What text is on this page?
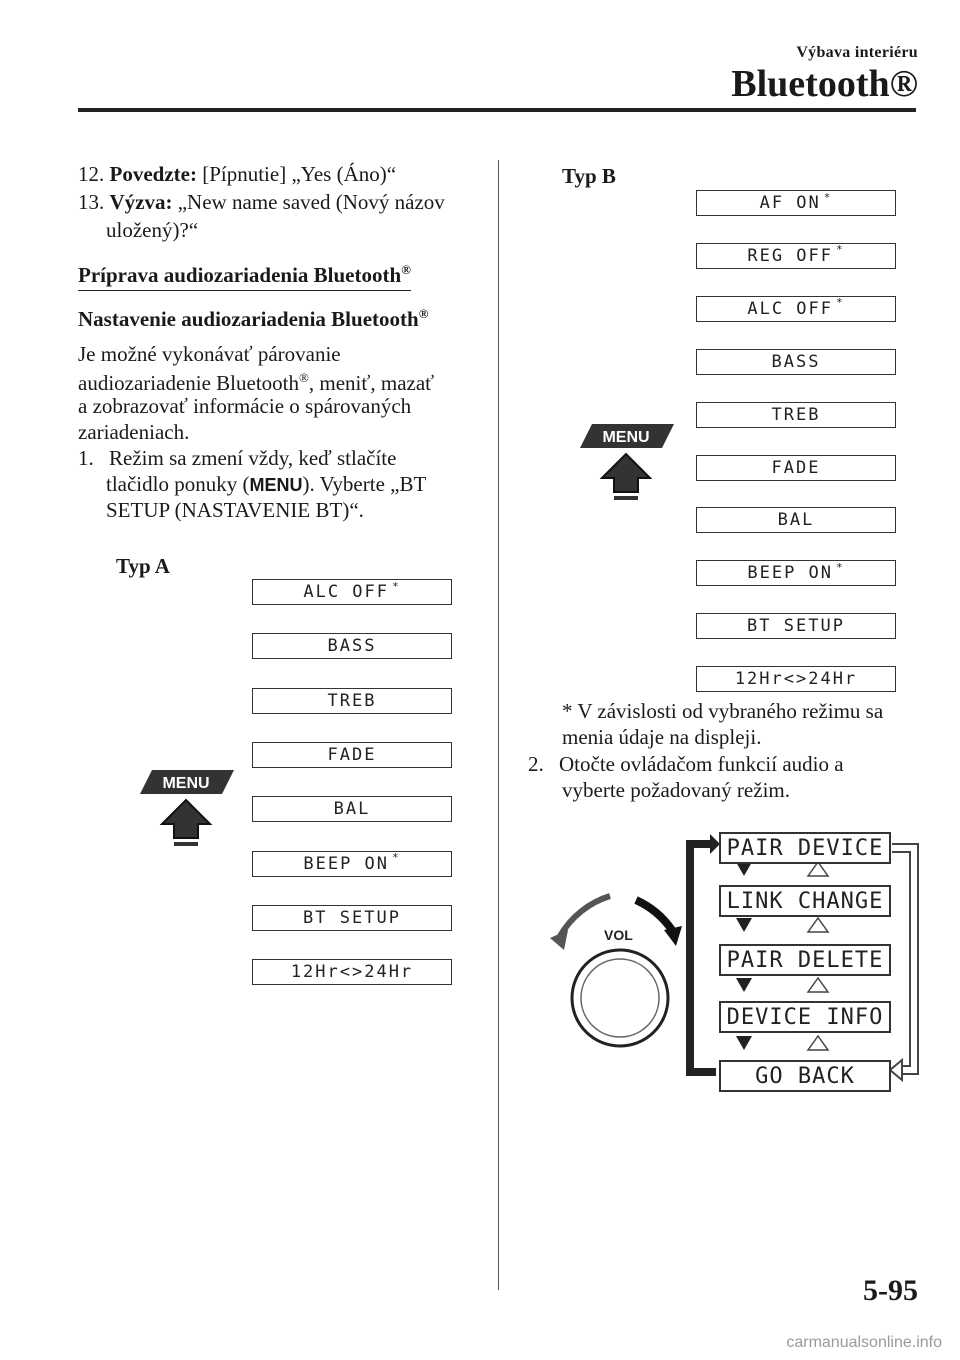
Výbava interiéru
Bluetooth®
12. Povedzte: [Pípnutie] „Yes (Áno)“
13. Výzva: „New name saved (Nový názov
uložený)?“
Príprava audiozariadenia Bluetooth®
Nastavenie audiozariadenia Bluetooth®
Je možné vykonávať párovanie
audiozariadenie Bluetooth®, meniť, mazať
a zobrazovať informácie o spárovaných
zariadeniach.
1. Režim sa zmení vždy, keď stlačíte
tlačidlo ponuky (MENU). Vyberte „BT
SETUP (NASTAVENIE BT)“.
Typ A
MENU
ALC OFF *
BASS
TREB
FADE
BAL
BEEP ON *
BT SETUP
12Hr<>24Hr
Typ B
MENU
AF ON *
REG OFF *
ALC OFF *
BASS
TREB
FADE
BAL
BEEP ON *
BT SETUP
12Hr<>24Hr
* V závislosti od vybraného režimu sa
menia údaje na displeji.
2. Otočte ovládačom funkcií audio a
vyberte požadovaný režim.
VOL
PAIR DEVICE
LINK CHANGE
PAIR DELETE
DEVICE INFO
GO BACK
5-95
carmanualsonline.info
